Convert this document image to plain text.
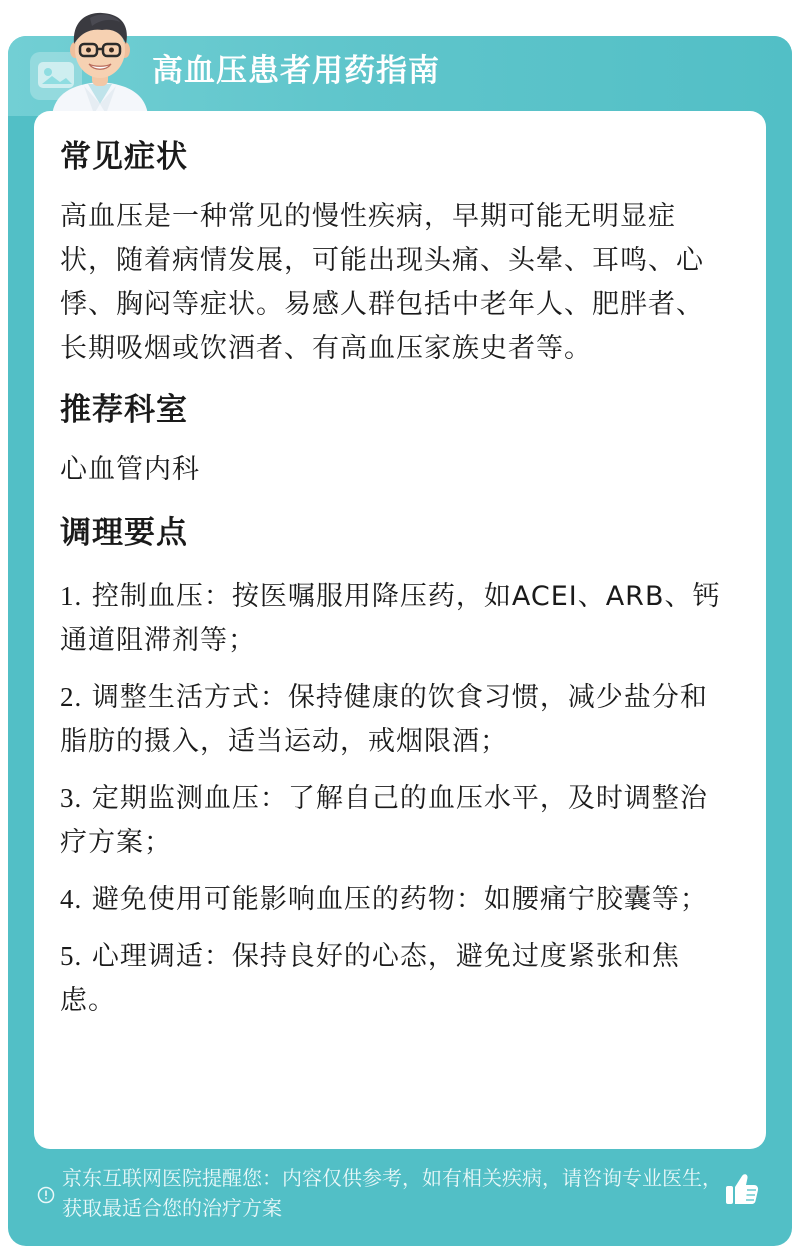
高血压患者用药指南
常见症状

高血压是一种常见的慢性疾病，早期可能无明显症状，随着病情发展，可能出现头痛、头晕、耳鸣、心悸、胸闷等症状。易感人群包括中老年人、肥胖者、长期吸烟或饮酒者、有高血压家族史者等。

推荐科室

心血管内科

调理要点

1. 控制血压：按医嘱服用降压药，如ACEI、ARB、钙通道阻滞剂等；

2. 调整生活方式：保持健康的饮食习惯，减少盐分和脂肪的摄入，适当运动，戒烟限酒；

3. 定期监测血压：了解自己的血压水平，及时调整治疗方案；

4. 避免使用可能影响血压的药物：如腰痛宁胶囊等；

5. 心理调适：保持良好的心态，避免过度紧张和焦虑。

京东互联网医院提醒您：内容仅供参考，如有相关疾病，请咨询专业医生，获取最适合您的治疗方案
